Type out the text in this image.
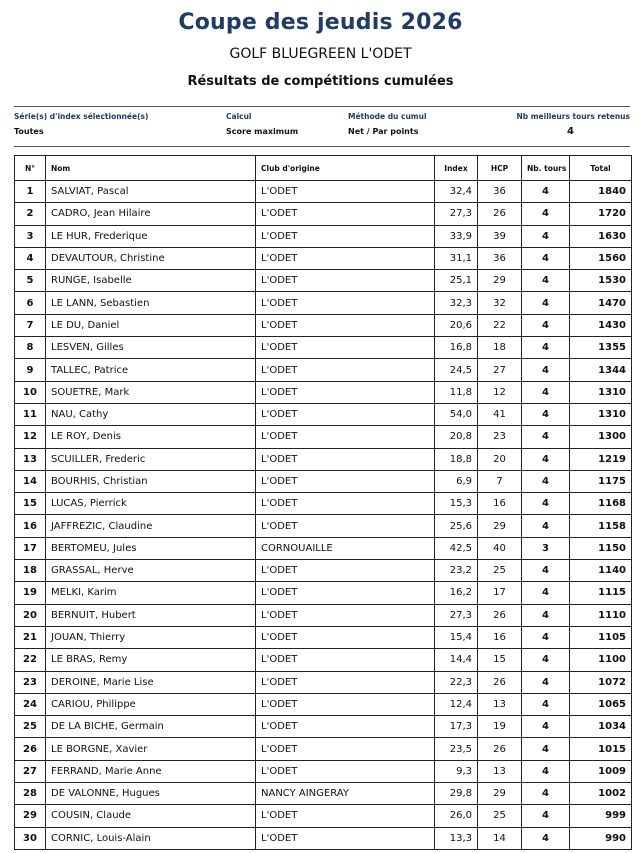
Coupe des jeudis 2026
GOLF BLUEGREEN L'ODET
Résultats de compétitions cumulées
Série(s) d'index sélectionnée(s)
Toutes
Calcul
Score maximum
Méthode du cumul
Net / Par points
Nb meilleurs tours retenus
4
N°	Nom	Club d'origine	Index	HCP	Nb. tours	Total
1	SALVIAT, Pascal	L'ODET	32,4	36	4	1840
2	CADRO, Jean Hilaire	L'ODET	27,3	26	4	1720
3	LE HUR, Frederique	L'ODET	33,9	39	4	1630
4	DEVAUTOUR, Christine	L'ODET	31,1	36	4	1560
5	RUNGE, Isabelle	L'ODET	25,1	29	4	1530
6	LE LANN, Sebastien	L'ODET	32,3	32	4	1470
7	LE DU, Daniel	L'ODET	20,6	22	4	1430
8	LESVEN, Gilles	L'ODET	16,8	18	4	1355
9	TALLEC, Patrice	L'ODET	24,5	27	4	1344
10	SOUETRE, Mark	L'ODET	11,8	12	4	1310
11	NAU, Cathy	L'ODET	54,0	41	4	1310
12	LE ROY, Denis	L'ODET	20,8	23	4	1300
13	SCUILLER, Frederic	L'ODET	18,8	20	4	1219
14	BOURHIS, Christian	L'ODET	6,9	7	4	1175
15	LUCAS, Pierrick	L'ODET	15,3	16	4	1168
16	JAFFREZIC, Claudine	L'ODET	25,6	29	4	1158
17	BERTOMEU, Jules	CORNOUAILLE	42,5	40	3	1150
18	GRASSAL, Herve	L'ODET	23,2	25	4	1140
19	MELKI, Karim	L'ODET	16,2	17	4	1115
20	BERNUIT, Hubert	L'ODET	27,3	26	4	1110
21	JOUAN, Thierry	L'ODET	15,4	16	4	1105
22	LE BRAS, Remy	L'ODET	14,4	15	4	1100
23	DEROINE, Marie Lise	L'ODET	22,3	26	4	1072
24	CARIOU, Philippe	L'ODET	12,4	13	4	1065
25	DE LA BICHE, Germain	L'ODET	17,3	19	4	1034
26	LE BORGNE, Xavier	L'ODET	23,5	26	4	1015
27	FERRAND, Marie Anne	L'ODET	9,3	13	4	1009
28	DE VALONNE, Hugues	NANCY AINGERAY	29,8	29	4	1002
29	COUSIN, Claude	L'ODET	26,0	25	4	999
30	CORNIC, Louis-Alain	L'ODET	13,3	14	4	990
